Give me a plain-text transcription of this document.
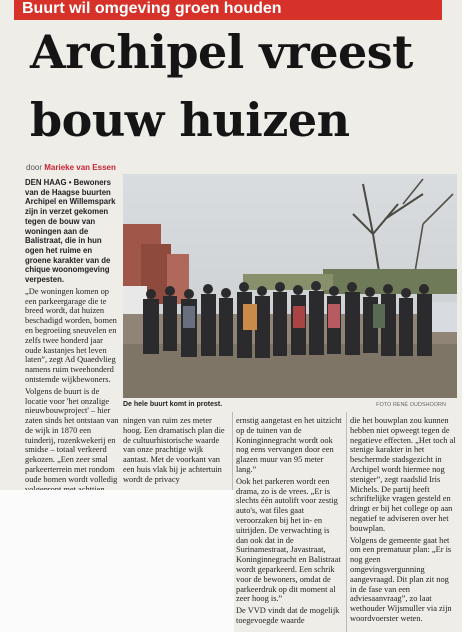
Buurt wil omgeving groen houden
Archipel vreest
bouw huizen
door Marieke van Essen

DEN HAAG • Bewoners van de Haagse buurten Archipel en Willemspark zijn in verzet gekomen tegen de bouw van woningen aan de Balistraat, die in hun ogen het ruime en groene karakter van de chique woonomgeving verpesten.

„De woningen komen op een parkeergarage die te breed wordt, dat huizen beschadigd worden, bomen en begroeiing sneuvelen en zelfs twee honderd jaar oude kastanjes het leven laten”, zegt Ad Quaedvlieg namens ruim tweehonderd ontstemde wijkbewoners.

Volgens de buurt is de locatie voor 'het onzalige nieuwbouwproject' – hier zaten sinds het ontstaan van de wijk in 1870 een tuinderij, rozenkwekerij en smidse – totaal verkeerd gekozen. „Een zeer smal parkeerterrein met rondom oude bomen wordt volledig

De hele buurt komt in protest.	FOTO RENÉ OUDSHOORN

ningen van ruim zes meter hoog. Een dramatisch plan die de cultuurhistorische waarde van onze prachtige wijk aantast. Met de voorkant van een huis vlak bij je achtertuin wordt de privacy

ernstig aangetast en het uitzicht op de tuinen van de Koninginnegracht wordt ook nog eens vervangen door een glazen muur van 95 meter lang.”

Ook het parkeren wordt een drama, zo is de vrees. „Er is slechts één autolift voor zestig auto's, wat files gaat veroorzaken bij het in- en uitrijden. De verwachting is dan ook dat in de Surinamestraat, Javastraat, Koninginnegracht en Balistraat wordt geparkeerd. Een schrik voor de bewoners, omdat de parkeerdruk op dit moment al zeer hoog is.”

De VVD vindt dat de mogelijk toegevoegde waarde

die het bouwplan zou kunnen hebben niet opweegt tegen de negatieve effecten. „Het toch al stenige karakter in het beschermde stadsgezicht in Archipel wordt hiermee nog steniger”, zegt raadslid Iris Michels. De partij heeft schriftelijke vragen gesteld en dringt er bij het college op aan negatief te adviseren over het bouwplan.

Volgens de gemeente gaat het om een prematuur plan: „Er is nog geen omgevingsvergunning aangevraagd. Dit plan zit nog in de fase van een adviesaanvraag”, zo laat wethouder Wijsmuller via zijn woordvoerster weten.
